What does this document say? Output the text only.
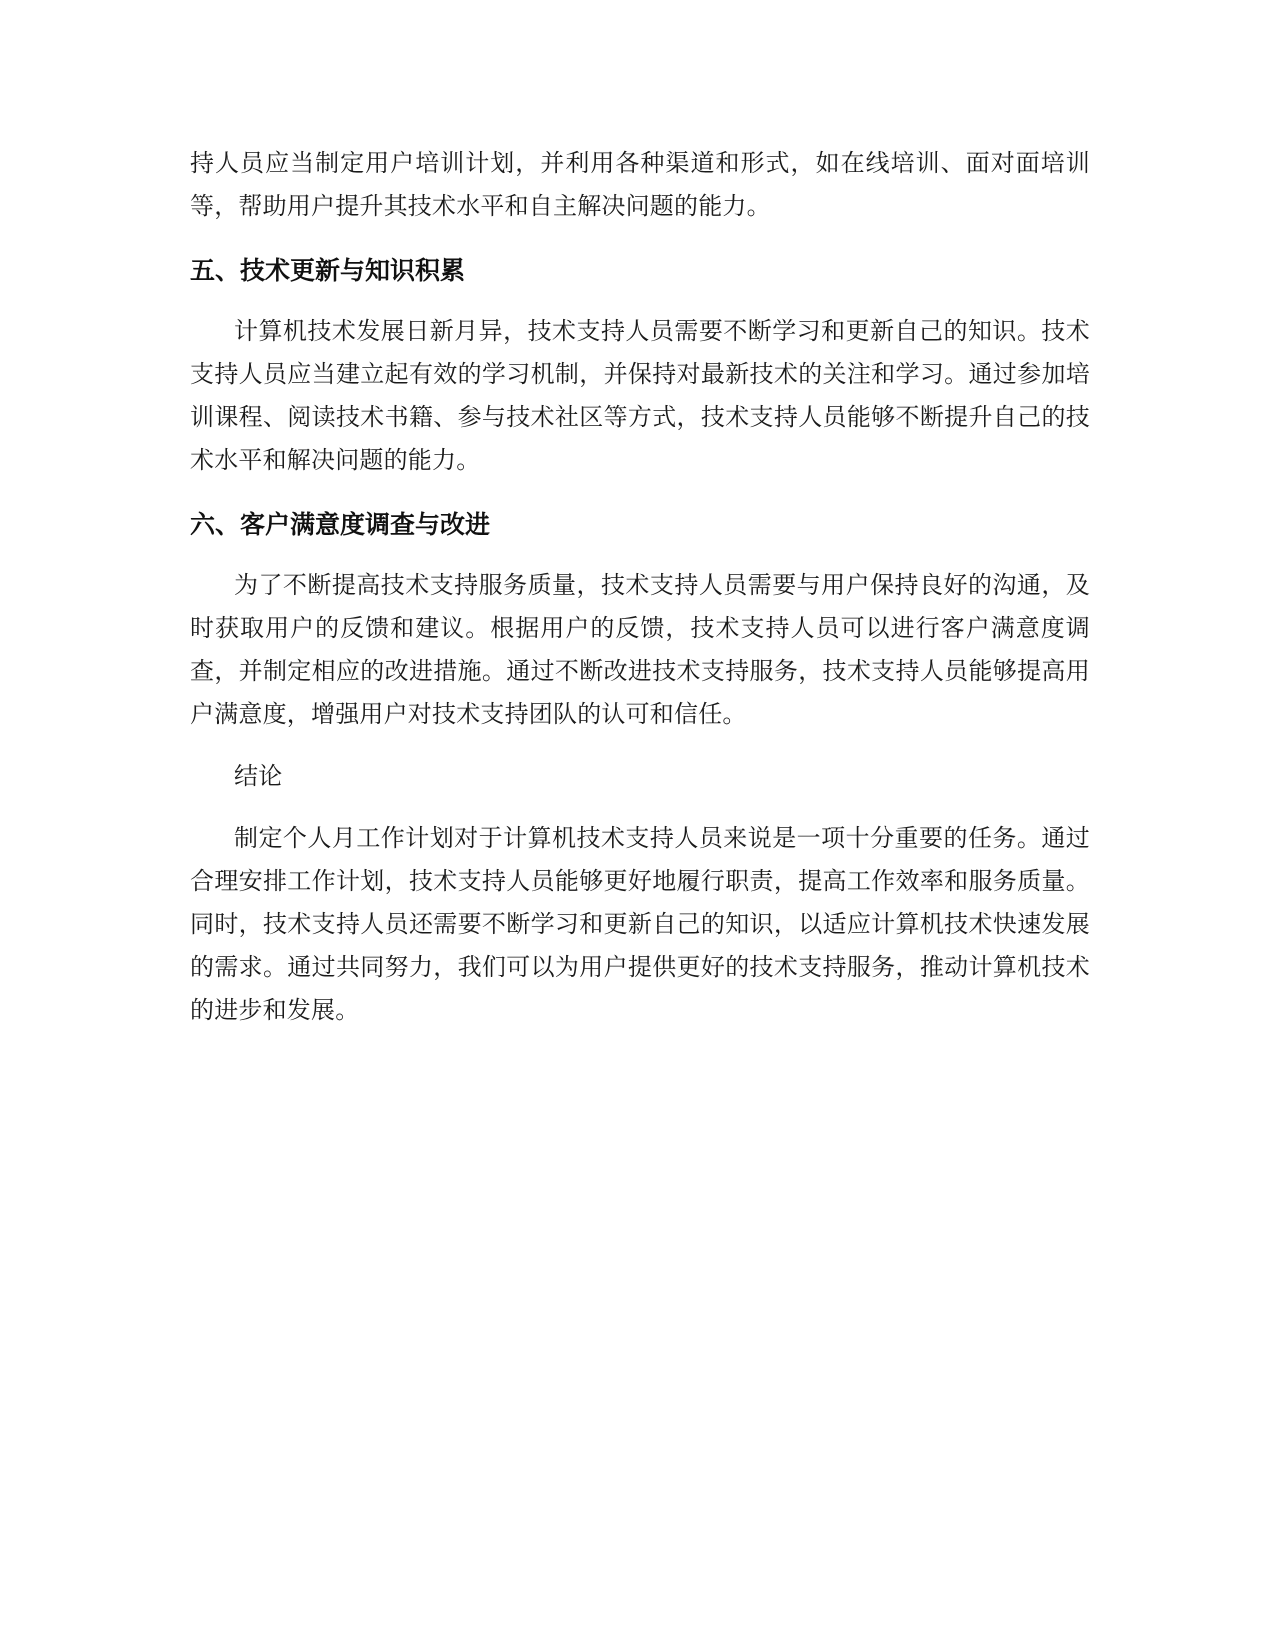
持人员应当制定用户培训计划，并利用各种渠道和形式，如在线培训、面对面培训等，帮助用户提升其技术水平和自主解决问题的能力。

五、技术更新与知识积累

计算机技术发展日新月异，技术支持人员需要不断学习和更新自己的知识。技术支持人员应当建立起有效的学习机制，并保持对最新技术的关注和学习。通过参加培训课程、阅读技术书籍、参与技术社区等方式，技术支持人员能够不断提升自己的技术水平和解决问题的能力。

六、客户满意度调查与改进

为了不断提高技术支持服务质量，技术支持人员需要与用户保持良好的沟通，及时获取用户的反馈和建议。根据用户的反馈，技术支持人员可以进行客户满意度调查，并制定相应的改进措施。通过不断改进技术支持服务，技术支持人员能够提高用户满意度，增强用户对技术支持团队的认可和信任。

结论

制定个人月工作计划对于计算机技术支持人员来说是一项十分重要的任务。通过合理安排工作计划，技术支持人员能够更好地履行职责，提高工作效率和服务质量。同时，技术支持人员还需要不断学习和更新自己的知识，以适应计算机技术快速发展的需求。通过共同努力，我们可以为用户提供更好的技术支持服务，推动计算机技术的进步和发展。
